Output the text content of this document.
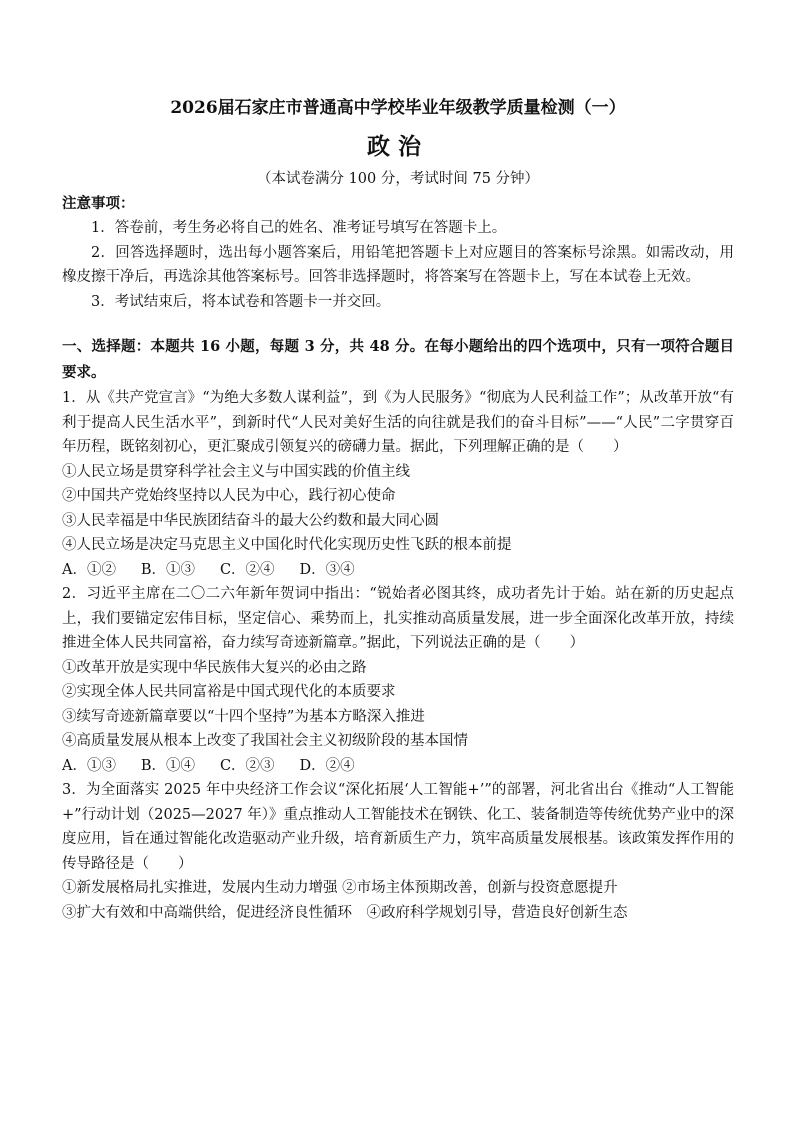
2026届石家庄市普通高中学校毕业年级教学质量检测（一）
政治
（本试卷满分 100 分，考试时间 75 分钟）
注意事项：
1．答卷前，考生务必将自己的姓名、准考证号填写在答题卡上。
2．回答选择题时，选出每小题答案后，用铅笔把答题卡上对应题目的答案标号涂黑。如需改动，用橡皮擦干净后，再选涂其他答案标号。回答非选择题时，将答案写在答题卡上，写在本试卷上无效。
3．考试结束后，将本试卷和答题卡一并交回。
一、选择题：本题共 16 小题，每题 3 分，共 48 分。在每小题给出的四个选项中，只有一项符合题目要求。
1．从《共产党宣言》“为绝大多数人谋利益”，到《为人民服务》“彻底为人民利益工作”；从改革开放“有利于提高人民生活水平”，到新时代“人民对美好生活的向往就是我们的奋斗目标”——“人民”二字贯穿百年历程，既铭刻初心，更汇聚成引领复兴的磅礴力量。据此，下列理解正确的是（　　）
①人民立场是贯穿科学社会主义与中国实践的价值主线
②中国共产党始终坚持以人民为中心，践行初心使命
③人民幸福是中华民族团结奋斗的最大公约数和最大同心圆
④人民立场是决定马克思主义中国化时代化实现历史性飞跃的根本前提
A．①② B．①③ C．②④ D．③④
2．习近平主席在二〇二六年新年贺词中指出：“锐始者必图其终，成功者先计于始。站在新的历史起点上，我们要锚定宏伟目标，坚定信心、乘势而上，扎实推动高质量发展，进一步全面深化改革开放，持续推进全体人民共同富裕，奋力续写奇迹新篇章。”据此，下列说法正确的是（　　）
①改革开放是实现中华民族伟大复兴的必由之路
②实现全体人民共同富裕是中国式现代化的本质要求
③续写奇迹新篇章要以“十四个坚持”为基本方略深入推进
④高质量发展从根本上改变了我国社会主义初级阶段的基本国情
A．①③ B．①④ C．②③ D．②④
3．为全面落实 2025 年中央经济工作会议“深化拓展‘人工智能+’”的部署，河北省出台《推动“人工智能+”行动计划（2025—2027 年）》重点推动人工智能技术在钢铁、化工、装备制造等传统优势产业中的深度应用，旨在通过智能化改造驱动产业升级，培育新质生产力，筑牢高质量发展根基。该政策发挥作用的传导路径是（　　）
①新发展格局扎实推进，发展内生动力增强 ②市场主体预期改善，创新与投资意愿提升
③扩大有效和中高端供给，促进经济良性循环　④政府科学规划引导，营造良好创新生态
